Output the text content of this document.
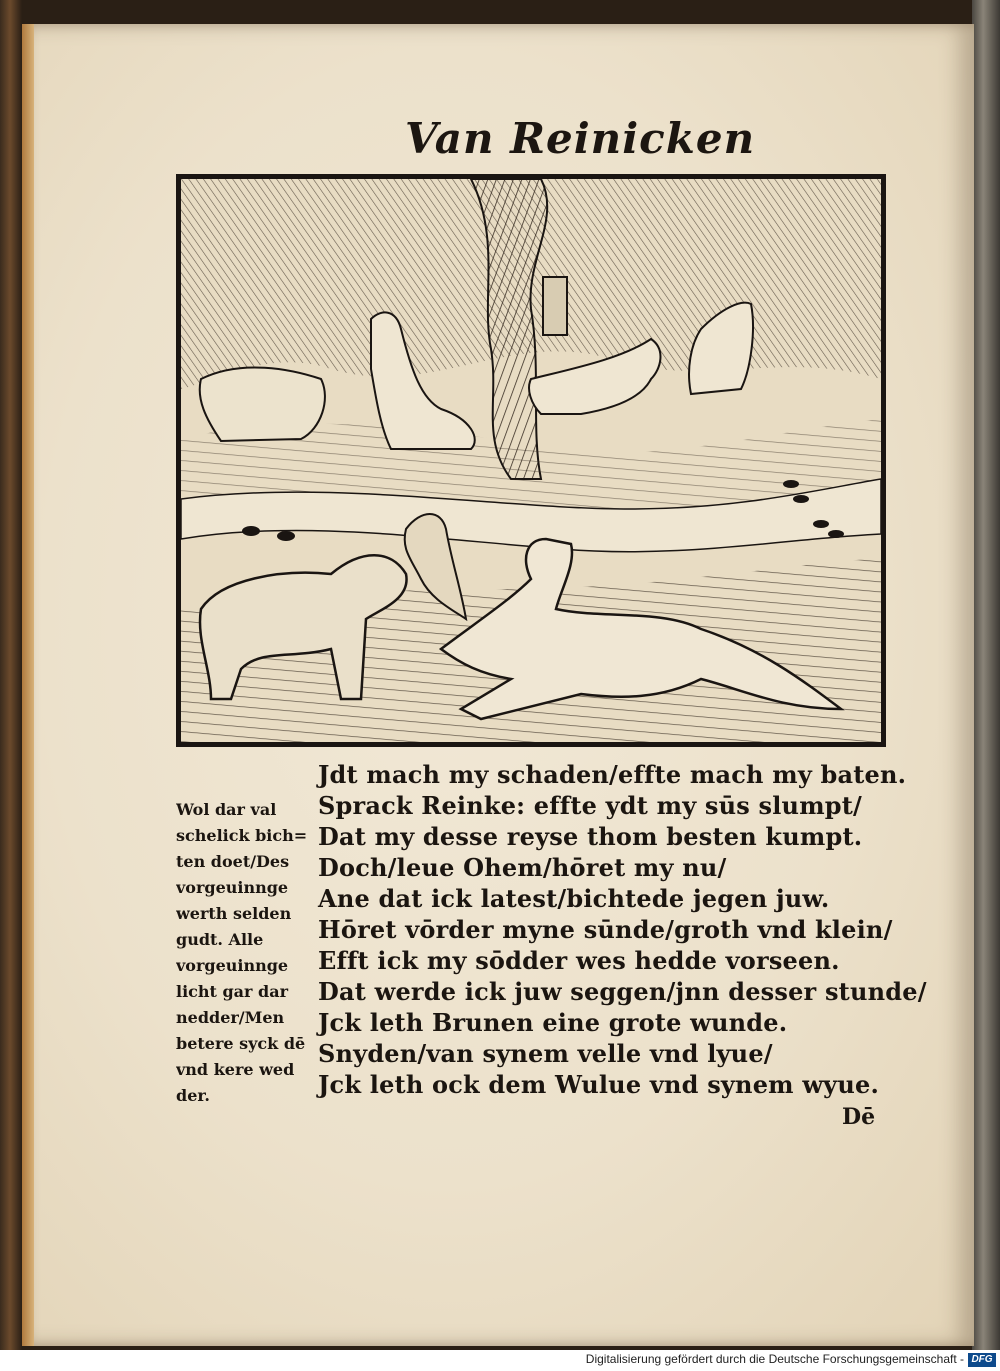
Van Reinicken
Wol dar val
schelick bich=
ten doet/Des
vorgeuinnge
werth selden
gudt. Alle
vorgeuinnge
licht gar dar
nedder/Men
betere syck dē
vnd kere wed
der.
Jdt mach my schaden/effte mach my baten.
Sprack Reinke: effte ydt my sūs slumpt/
Dat my desse reyse thom besten kumpt.
Doch/leue Ohem/hōret my nu/
Ane dat ick latest/bichtede jegen juw.
Hōret vōrder myne sūnde/groth vnd klein/
Efft ick my sōdder wes hedde vorseen.
Dat werde ick juw seggen/jnn desser stunde/
Jck leth Brunen eine grote wunde.
Snyden/van synem velle vnd lyue/
Jck leth ock dem Wulue vnd synem wyue.
Dē
Digitalisierung gefördert durch die Deutsche Forschungsgemeinschaft - DFG
